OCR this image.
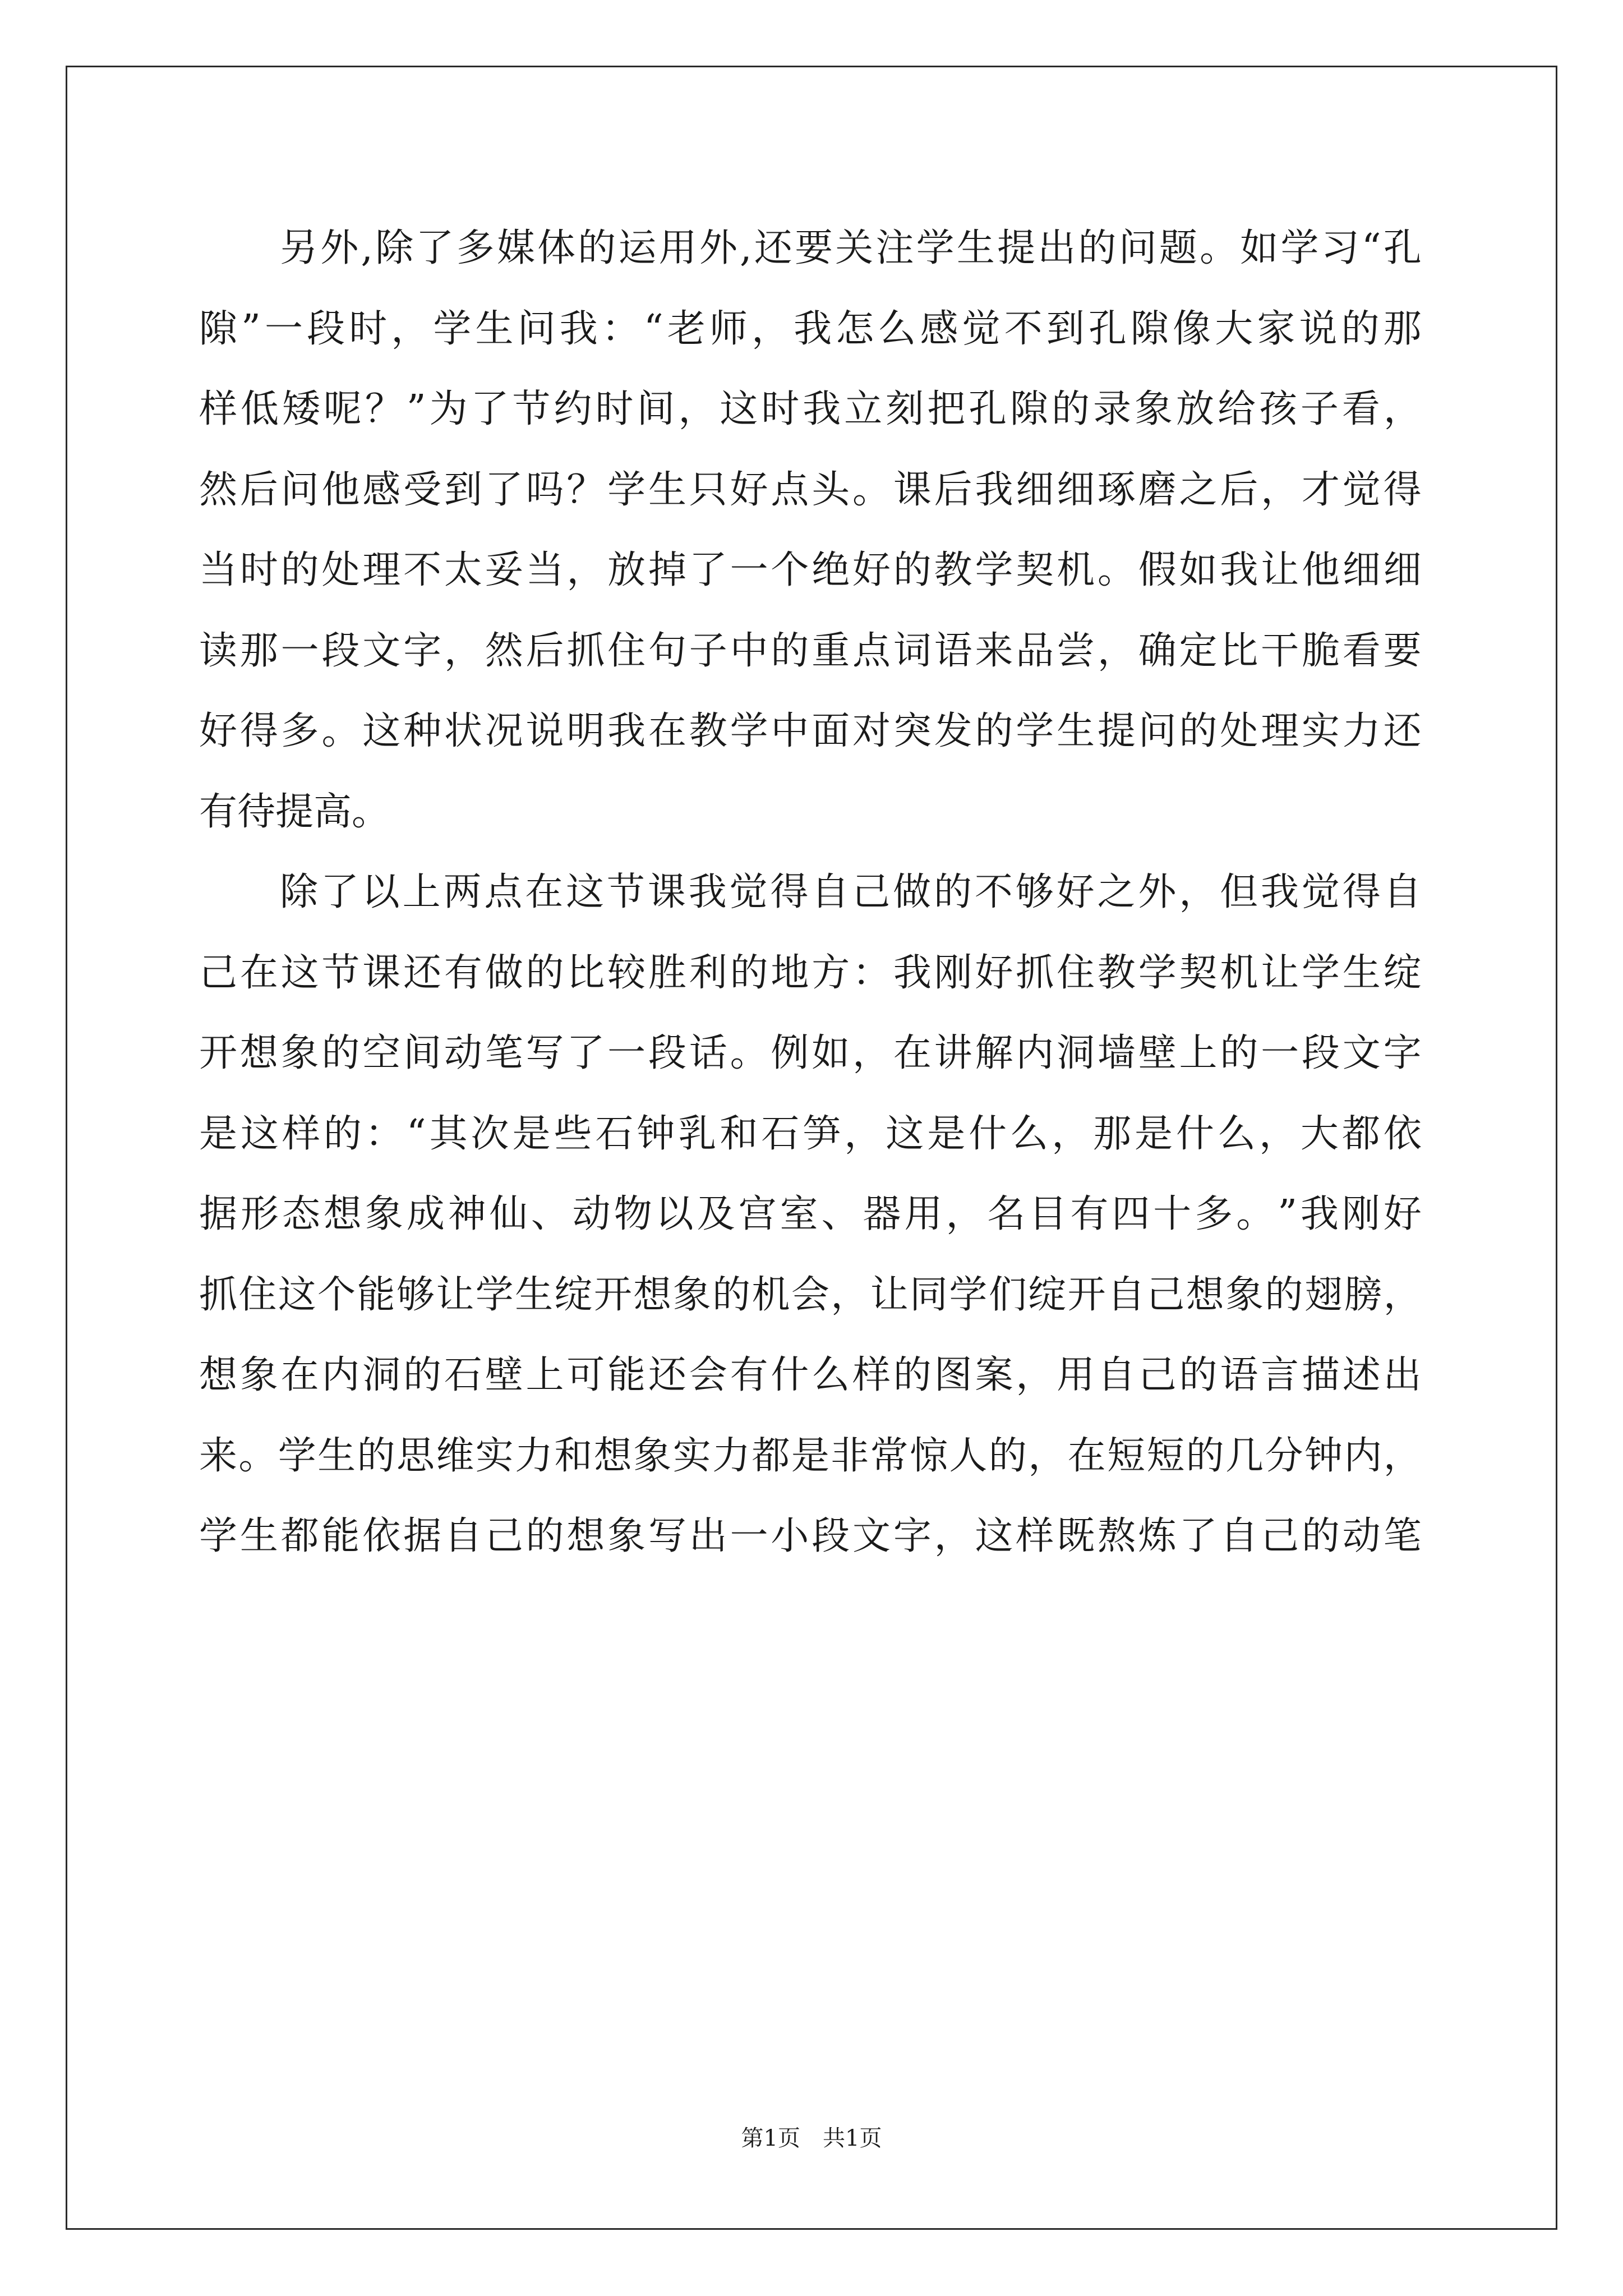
另 外 , 除 了 多 媒 体 的 运 用 外 , 还 要 关 注 学 生 提 出 的 问 题 。 如 学 习 “ 孔
隙 ” 一 段 时 ， 学 生 问 我 ： “ 老 师 ， 我 怎 么 感 觉 不 到 孔 隙 像 大 家 说 的 那
样 低 矮 呢 ？ ” 为 了 节 约 时 间 ， 这 时 我 立 刻 把 孔 隙 的 录 象 放 给 孩 子 看 ，
然 后 问 他 感 受 到 了 吗 ？ 学 生 只 好 点 头 。 课 后 我 细 细 琢 磨 之 后 ， 才 觉 得
当 时 的 处 理 不 太 妥 当 ， 放 掉 了 一 个 绝 好 的 教 学 契 机 。 假 如 我 让 他 细 细
读 那 一 段 文 字 ， 然 后 抓 住 句 子 中 的 重 点 词 语 来 品 尝 ， 确 定 比 干 脆 看 要
好 得 多 。 这 种 状 况 说 明 我 在 教 学 中 面 对 突 发 的 学 生 提 问 的 处 理 实 力 还
有待提高。
除 了 以 上 两 点 在 这 节 课 我 觉 得 自 己 做 的 不 够 好 之 外 ， 但 我 觉 得 自
己 在 这 节 课 还 有 做 的 比 较 胜 利 的 地 方 ： 我 刚 好 抓 住 教 学 契 机 让 学 生 绽
开 想 象 的 空 间 动 笔 写 了 一 段 话 。 例 如 ， 在 讲 解 内 洞 墙 壁 上 的 一 段 文 字
是 这 样 的 ： “ 其 次 是 些 石 钟 乳 和 石 笋 ， 这 是 什 么 ， 那 是 什 么 ， 大 都 依
据 形 态 想 象 成 神 仙 、 动 物 以 及 宫 室 、 器 用 ， 名 目 有 四 十 多 。 ” 我 刚 好
抓 住 这 个 能 够 让 学 生 绽 开 想 象 的 机 会 ， 让 同 学 们 绽 开 自 己 想 象 的 翅 膀 ，
想 象 在 内 洞 的 石 壁 上 可 能 还 会 有 什 么 样 的 图 案 ， 用 自 己 的 语 言 描 述 出
来 。 学 生 的 思 维 实 力 和 想 象 实 力 都 是 非 常 惊 人 的 ， 在 短 短 的 几 分 钟 内 ，
学 生 都 能 依 据 自 己 的 想 象 写 出 一 小 段 文 字 ， 这 样 既 熬 炼 了 自 己 的 动 笔
第1页　共1页
